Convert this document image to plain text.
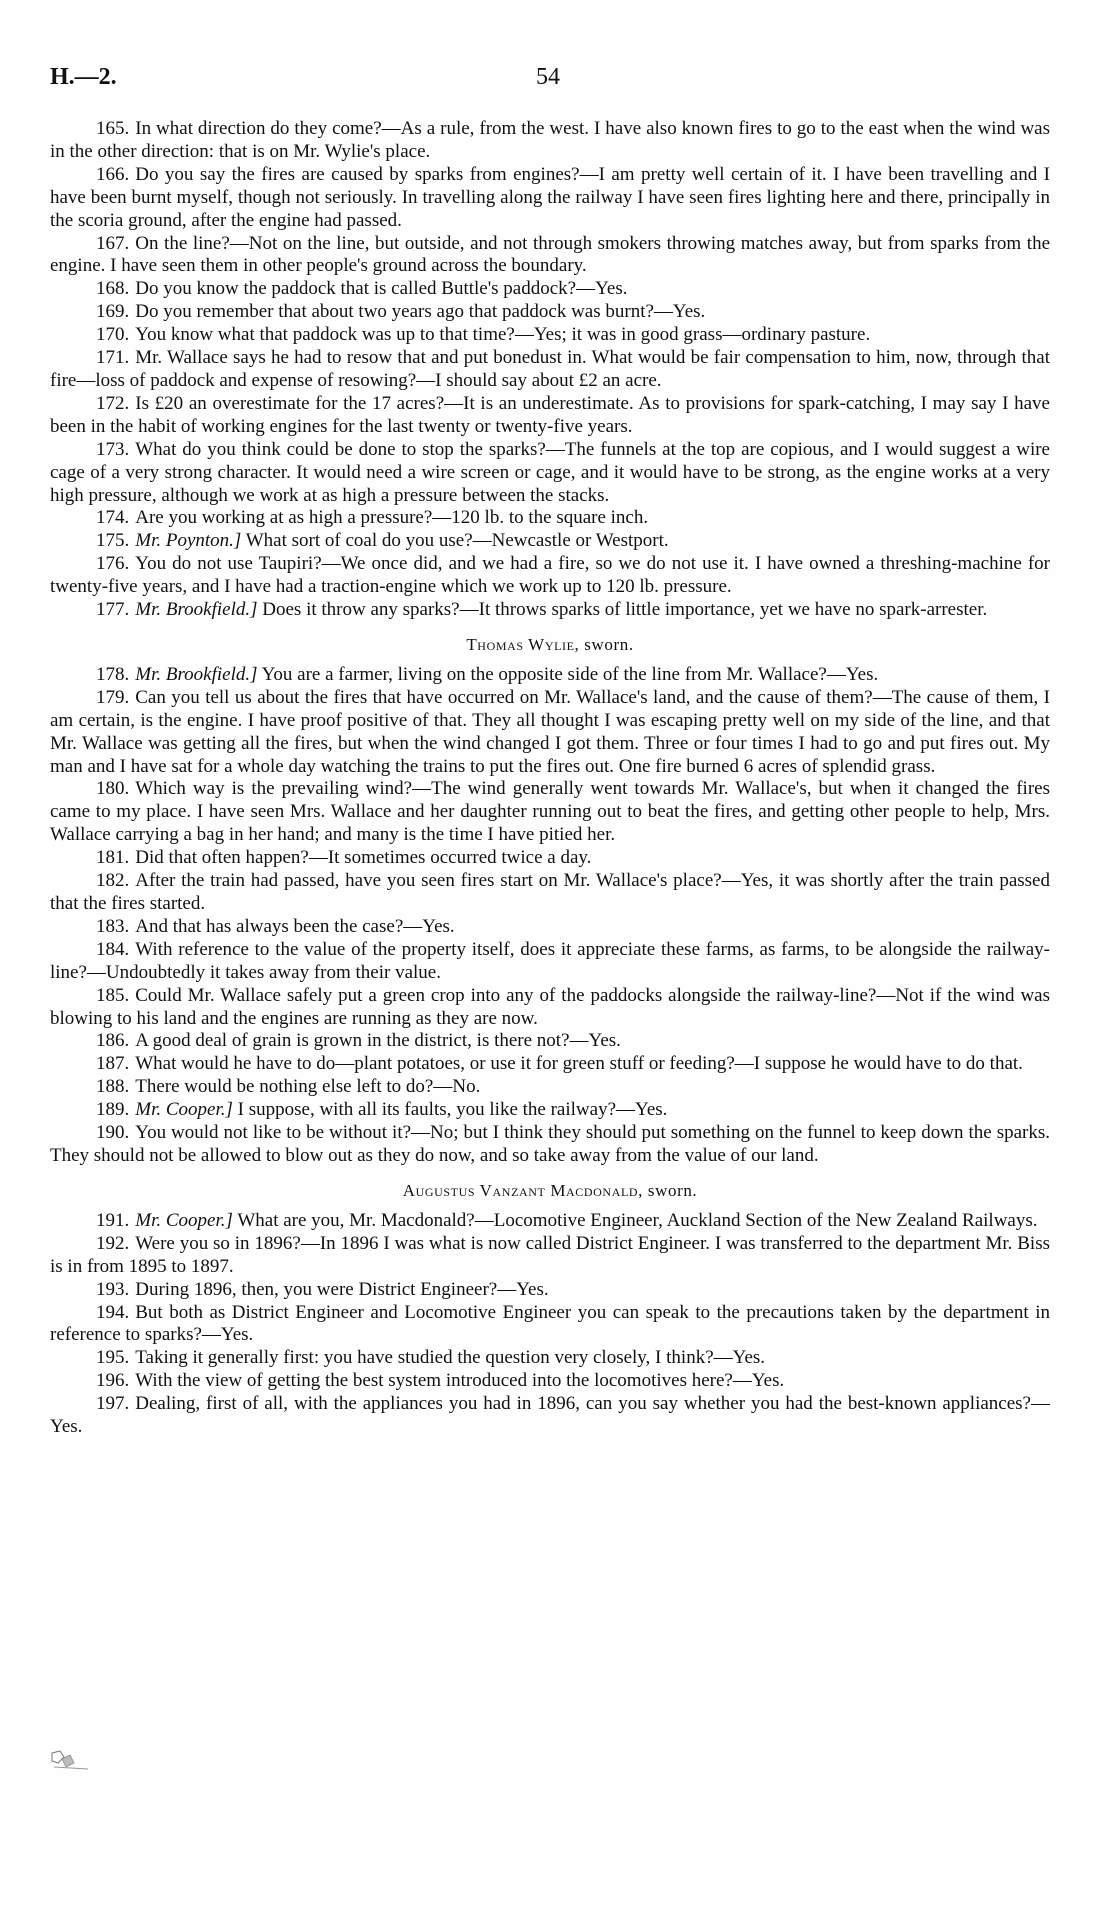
H.—2.	54

165. In what direction do they come?—As a rule, from the west. I have also known fires to go to the east when the wind was in the other direction: that is on Mr. Wylie's place.

166. Do you say the fires are caused by sparks from engines?—I am pretty well certain of it. I have been travelling and I have been burnt myself, though not seriously. In travelling along the railway I have seen fires lighting here and there, principally in the scoria ground, after the engine had passed.

167. On the line?—Not on the line, but outside, and not through smokers throwing matches away, but from sparks from the engine. I have seen them in other people's ground across the boundary.

168. Do you know the paddock that is called Buttle's paddock?—Yes.

169. Do you remember that about two years ago that paddock was burnt?—Yes.

170. You know what that paddock was up to that time?—Yes; it was in good grass—ordinary pasture.

171. Mr. Wallace says he had to resow that and put bonedust in. What would be fair compensation to him, now, through that fire—loss of paddock and expense of resowing?—I should say about £2 an acre.

172. Is £20 an overestimate for the 17 acres?—It is an underestimate. As to provisions for spark-catching, I may say I have been in the habit of working engines for the last twenty or twenty-five years.

173. What do you think could be done to stop the sparks?—The funnels at the top are copious, and I would suggest a wire cage of a very strong character. It would need a wire screen or cage, and it would have to be strong, as the engine works at a very high pressure, although we work at as high a pressure between the stacks.

174. Are you working at as high a pressure?—120 lb. to the square inch.

175. Mr. Poynton.] What sort of coal do you use?—Newcastle or Westport.

176. You do not use Taupiri?—We once did, and we had a fire, so we do not use it. I have owned a threshing-machine for twenty-five years, and I have had a traction-engine which we work up to 120 lb. pressure.

177. Mr. Brookfield.] Does it throw any sparks?—It throws sparks of little importance, yet we have no spark-arrester.

Thomas Wylie, sworn.

178. Mr. Brookfield.] You are a farmer, living on the opposite side of the line from Mr. Wallace?—Yes.

179. Can you tell us about the fires that have occurred on Mr. Wallace's land, and the cause of them?—The cause of them, I am certain, is the engine. I have proof positive of that. They all thought I was escaping pretty well on my side of the line, and that Mr. Wallace was getting all the fires, but when the wind changed I got them. Three or four times I had to go and put fires out. My man and I have sat for a whole day watching the trains to put the fires out. One fire burned 6 acres of splendid grass.

180. Which way is the prevailing wind?—The wind generally went towards Mr. Wallace's, but when it changed the fires came to my place. I have seen Mrs. Wallace and her daughter running out to beat the fires, and getting other people to help, Mrs. Wallace carrying a bag in her hand; and many is the time I have pitied her.

181. Did that often happen?—It sometimes occurred twice a day.

182. After the train had passed, have you seen fires start on Mr. Wallace's place?—Yes, it was shortly after the train passed that the fires started.

183. And that has always been the case?—Yes.

184. With reference to the value of the property itself, does it appreciate these farms, as farms, to be alongside the railway-line?—Undoubtedly it takes away from their value.

185. Could Mr. Wallace safely put a green crop into any of the paddocks alongside the railway-line?—Not if the wind was blowing to his land and the engines are running as they are now.

186. A good deal of grain is grown in the district, is there not?—Yes.

187. What would he have to do—plant potatoes, or use it for green stuff or feeding?—I suppose he would have to do that.

188. There would be nothing else left to do?—No.

189. Mr. Cooper.] I suppose, with all its faults, you like the railway?—Yes.

190. You would not like to be without it?—No; but I think they should put something on the funnel to keep down the sparks. They should not be allowed to blow out as they do now, and so take away from the value of our land.

Augustus Vanzant Macdonald, sworn.

191. Mr. Cooper.] What are you, Mr. Macdonald?—Locomotive Engineer, Auckland Section of the New Zealand Railways.

192. Were you so in 1896?—In 1896 I was what is now called District Engineer. I was transferred to the department Mr. Biss is in from 1895 to 1897.

193. During 1896, then, you were District Engineer?—Yes.

194. But both as District Engineer and Locomotive Engineer you can speak to the precautions taken by the department in reference to sparks?—Yes.

195. Taking it generally first: you have studied the question very closely, I think?—Yes.

196. With the view of getting the best system introduced into the locomotives here?—Yes.

197. Dealing, first of all, with the appliances you had in 1896, can you say whether you had the best-known appliances?—Yes.
